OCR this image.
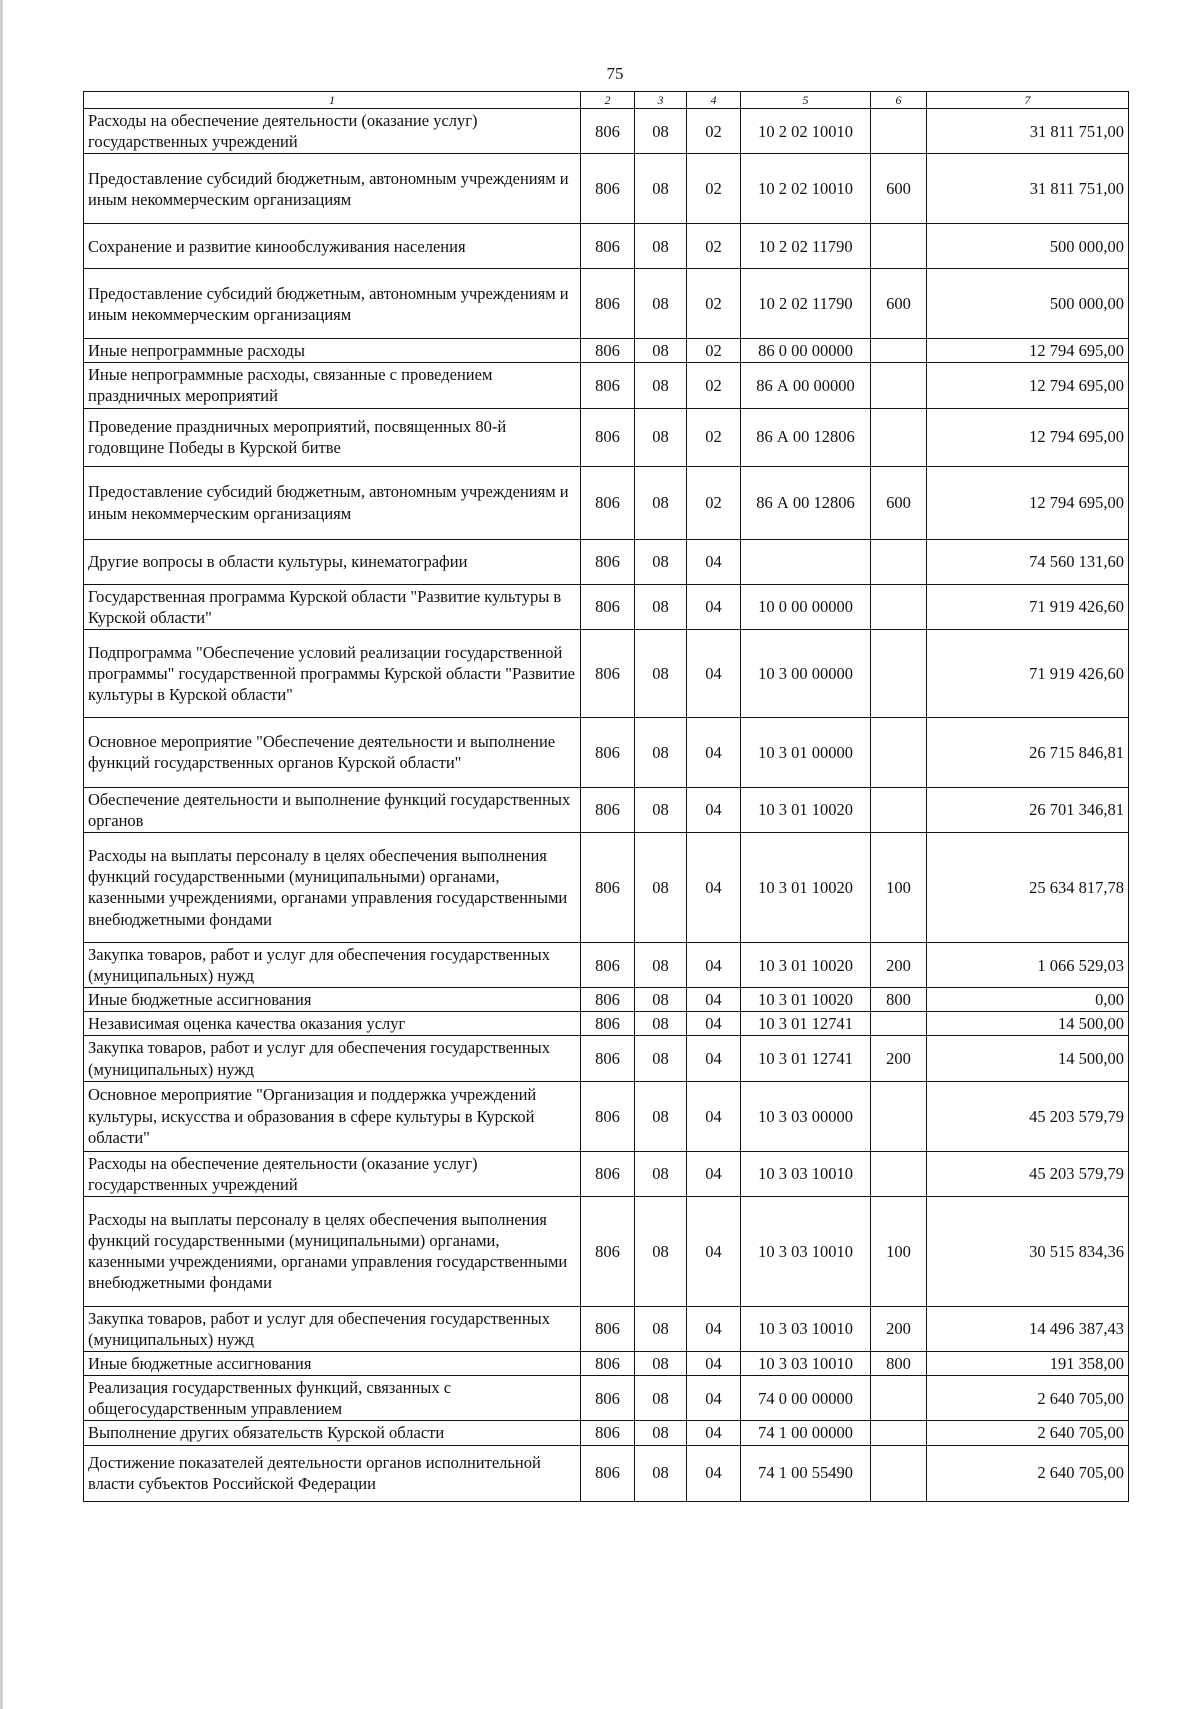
75
1	2	3	4	5	6	7
Расходы на обеспечение деятельности (оказание услуг) государственных учреждений	806	08	02	10 2 02 10010		31 811 751,00
Предоставление субсидий бюджетным, автономным учреждениям и иным некоммерческим организациям	806	08	02	10 2 02 10010	600	31 811 751,00
Сохранение и развитие кинообслуживания населения	806	08	02	10 2 02 11790		500 000,00
Предоставление субсидий бюджетным, автономным учреждениям и иным некоммерческим организациям	806	08	02	10 2 02 11790	600	500 000,00
Иные непрограммные расходы	806	08	02	86 0 00 00000		12 794 695,00
Иные непрограммные расходы, связанные с проведением праздничных мероприятий	806	08	02	86 А 00 00000		12 794 695,00
Проведение праздничных мероприятий, посвященных 80-й годовщине Победы в Курской битве	806	08	02	86 А 00 12806		12 794 695,00
Предоставление субсидий бюджетным, автономным учреждениям и иным некоммерческим организациям	806	08	02	86 А 00 12806	600	12 794 695,00
Другие вопросы в области культуры, кинематографии	806	08	04			74 560 131,60
Государственная программа Курской области "Развитие культуры в Курской области"	806	08	04	10 0 00 00000		71 919 426,60
Подпрограмма "Обеспечение условий реализации государственной программы" государственной программы Курской области "Развитие культуры в Курской области"	806	08	04	10 3 00 00000		71 919 426,60
Основное мероприятие "Обеспечение деятельности и выполнение функций государственных органов Курской области"	806	08	04	10 3 01 00000		26 715 846,81
Обеспечение деятельности и выполнение функций государственных органов	806	08	04	10 3 01 10020		26 701 346,81
Расходы на выплаты персоналу в целях обеспечения выполнения функций государственными (муниципальными) органами, казенными учреждениями, органами управления государственными внебюджетными фондами	806	08	04	10 3 01 10020	100	25 634 817,78
Закупка товаров, работ и услуг для обеспечения государственных (муниципальных) нужд	806	08	04	10 3 01 10020	200	1 066 529,03
Иные бюджетные ассигнования	806	08	04	10 3 01 10020	800	0,00
Независимая оценка качества оказания услуг	806	08	04	10 3 01 12741		14 500,00
Закупка товаров, работ и услуг для обеспечения государственных (муниципальных) нужд	806	08	04	10 3 01 12741	200	14 500,00
Основное мероприятие "Организация и поддержка учреждений культуры, искусства и образования в сфере культуры в Курской области"	806	08	04	10 3 03 00000		45 203 579,79
Расходы на обеспечение деятельности (оказание услуг) государственных учреждений	806	08	04	10 3 03 10010		45 203 579,79
Расходы на выплаты персоналу в целях обеспечения выполнения функций государственными (муниципальными) органами, казенными учреждениями, органами управления государственными внебюджетными фондами	806	08	04	10 3 03 10010	100	30 515 834,36
Закупка товаров, работ и услуг для обеспечения государственных (муниципальных) нужд	806	08	04	10 3 03 10010	200	14 496 387,43
Иные бюджетные ассигнования	806	08	04	10 3 03 10010	800	191 358,00
Реализация государственных функций, связанных с общегосударственным управлением	806	08	04	74 0 00 00000		2 640 705,00
Выполнение других обязательств Курской области	806	08	04	74 1 00 00000		2 640 705,00
Достижение показателей деятельности органов исполнительной власти субъектов Российской Федерации	806	08	04	74 1 00 55490		2 640 705,00
